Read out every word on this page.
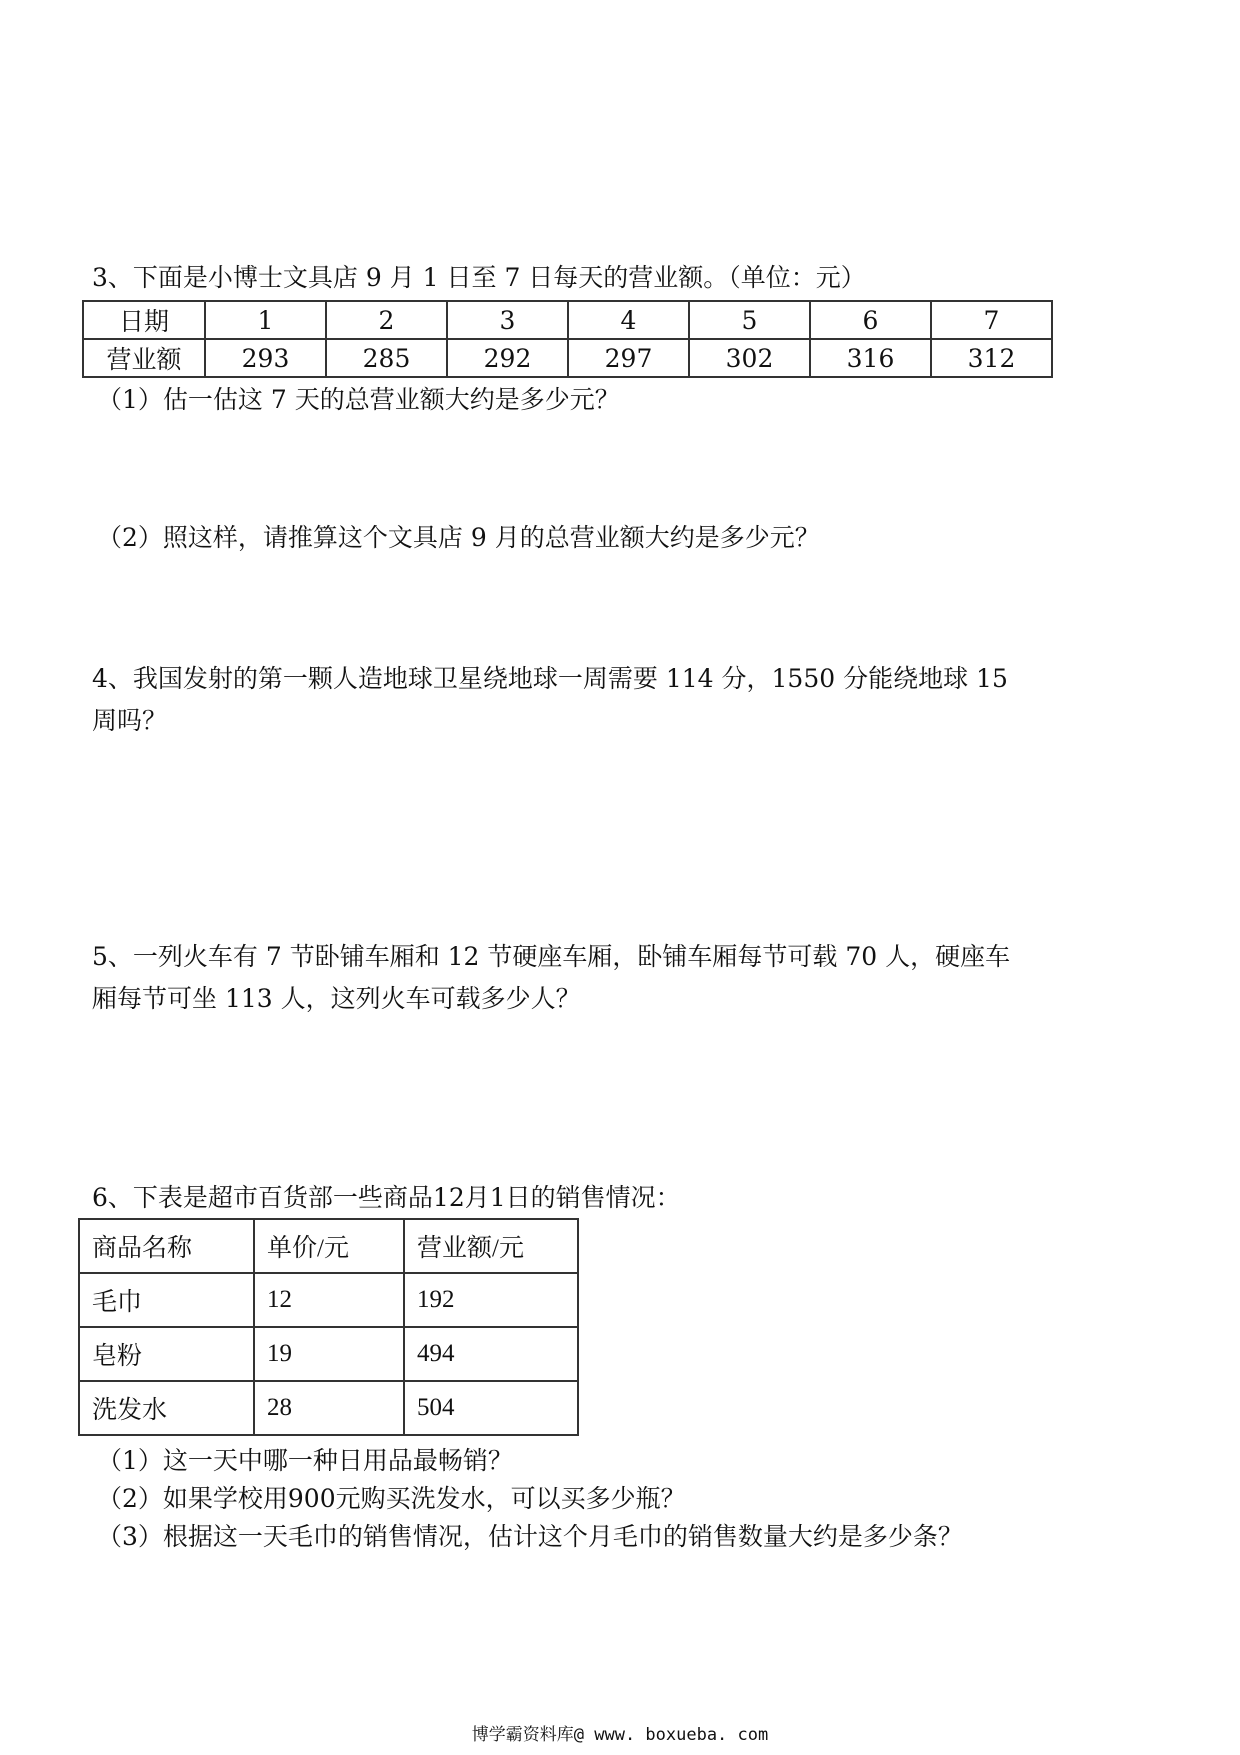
3、下面是小博士文具店 9 月 1 日至 7 日每天的营业额。（单位：元）
日期	1	2	3	4	5	6	7
营业额	293	285	292	297	302	316	312
（1）估一估这 7 天的总营业额大约是多少元？
（2）照这样，请推算这个文具店 9 月的总营业额大约是多少元？
4、我国发射的第一颗人造地球卫星绕地球一周需要 114 分，1550 分能绕地球 15
周吗？
5、一列火车有 7 节卧铺车厢和 12 节硬座车厢，卧铺车厢每节可载 70 人，硬座车
厢每节可坐 113 人，这列火车可载多少人？
6、下表是超市百货部一些商品12月1日的销售情况：
商品名称	单价/元	营业额/元
毛巾	12	192
皂粉	19	494
洗发水	28	504
（1）这一天中哪一种日用品最畅销？
（2）如果学校用900元购买洗发水，可以买多少瓶？
（3）根据这一天毛巾的销售情况，估计这个月毛巾的销售数量大约是多少条？
博学霸资料库@ www. boxueba. com
